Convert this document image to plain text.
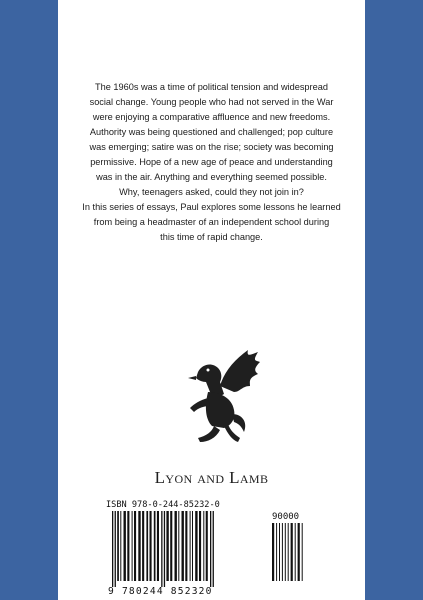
The 1960s was a time of political tension and widespread
social change. Young people who had not served in the War
were enjoying a comparative affluence and new freedoms.
Authority was being questioned and challenged; pop culture
was emerging; satire was on the rise; society was becoming
permissive. Hope of a new age of peace and understanding
was in the air. Anything and everything seemed possible.
Why, teenagers asked, could they not join in?
In this series of essays, Paul explores some lessons he learned
from being a headmaster of an independent school during
this time of rapid change.
Lyon and Lamb
ISBN 978-0-244-85232-0
90000
9 780244 852320
